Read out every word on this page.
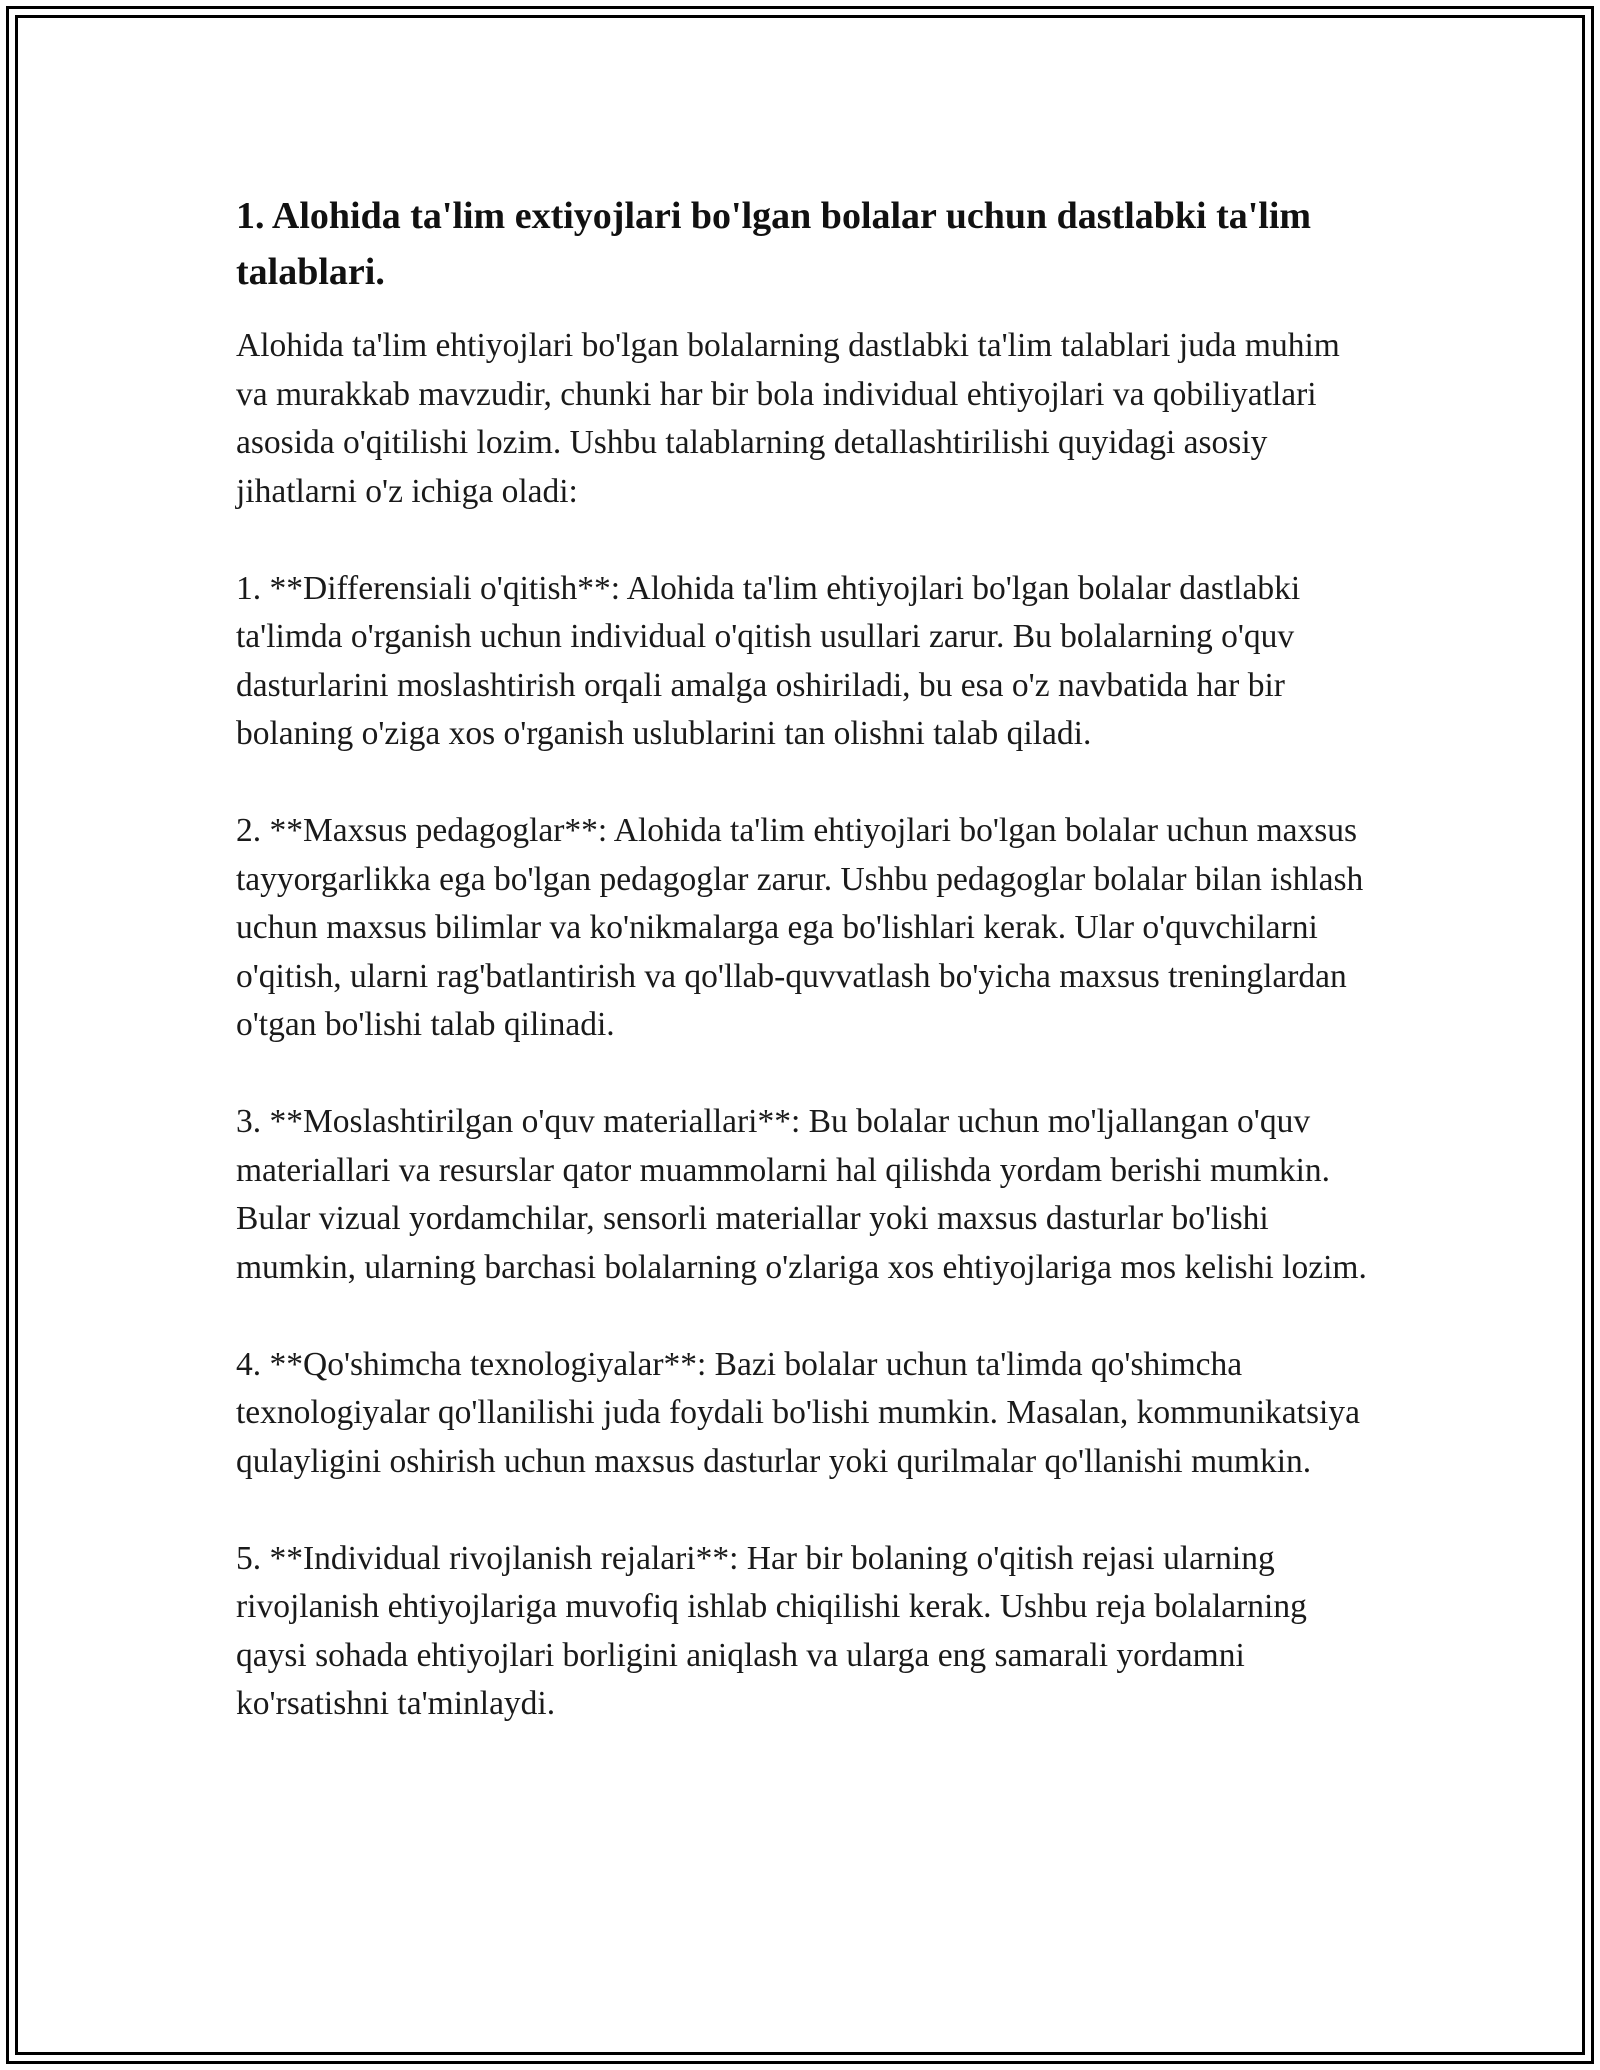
1. Alohida ta'lim extiyojlari bo'lgan bolalar uchun dastlabki ta'lim talablari.

Alohida ta'lim ehtiyojlari bo'lgan bolalarning dastlabki ta'lim talablari juda muhim va murakkab mavzudir, chunki har bir bola individual ehtiyojlari va qobiliyatlari asosida o'qitilishi lozim. Ushbu talablarning detallashtirilishi quyidagi asosiy jihatlarni o'z ichiga oladi:

1. **Differensiali o'qitish**: Alohida ta'lim ehtiyojlari bo'lgan bolalar dastlabki ta'limda o'rganish uchun individual o'qitish usullari zarur. Bu bolalarning o'quv dasturlarini moslashtirish orqali amalga oshiriladi, bu esa o'z navbatida har bir bolaning o'ziga xos o'rganish uslublarini tan olishni talab qiladi.

2. **Maxsus pedagoglar**: Alohida ta'lim ehtiyojlari bo'lgan bolalar uchun maxsus tayyorgarlikka ega bo'lgan pedagoglar zarur. Ushbu pedagoglar bolalar bilan ishlash uchun maxsus bilimlar va ko'nikmalarga ega bo'lishlari kerak. Ular o'quvchilarni o'qitish, ularni rag'batlantirish va qo'llab-quvvatlash bo'yicha maxsus treninglardan o'tgan bo'lishi talab qilinadi.

3. **Moslashtirilgan o'quv materiallari**: Bu bolalar uchun mo'ljallangan o'quv materiallari va resurslar qator muammolarni hal qilishda yordam berishi mumkin. Bular vizual yordamchilar, sensorli materiallar yoki maxsus dasturlar bo'lishi mumkin, ularning barchasi bolalarning o'zlariga xos ehtiyojlariga mos kelishi lozim.

4. **Qo'shimcha texnologiyalar**: Bazi bolalar uchun ta'limda qo'shimcha texnologiyalar qo'llanilishi juda foydali bo'lishi mumkin. Masalan, kommunikatsiya qulayligini oshirish uchun maxsus dasturlar yoki qurilmalar qo'llanishi mumkin.

5. **Individual rivojlanish rejalari**: Har bir bolaning o'qitish rejasi ularning rivojlanish ehtiyojlariga muvofiq ishlab chiqilishi kerak. Ushbu reja bolalarning qaysi sohada ehtiyojlari borligini aniqlash va ularga eng samarali yordamni ko'rsatishni ta'minlaydi.
